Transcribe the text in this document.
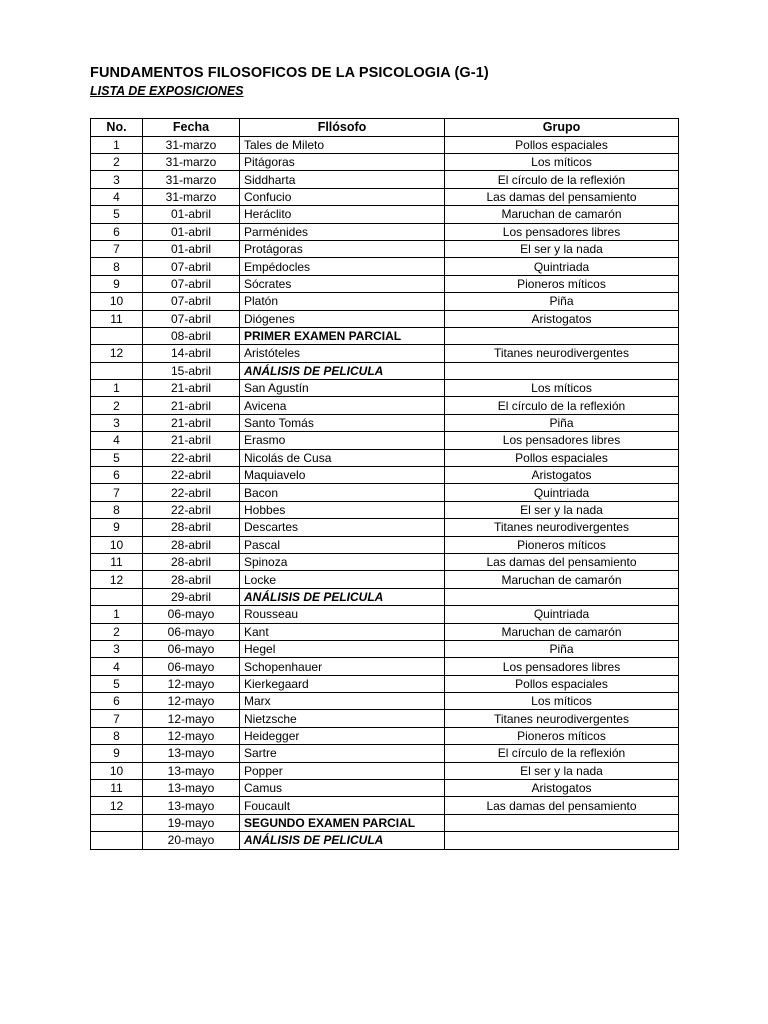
FUNDAMENTOS FILOSOFICOS DE LA PSICOLOGIA (G-1)
LISTA DE EXPOSICIONES
No.	Fecha	Fllósofo	Grupo
1	31-marzo	Tales de Mileto	Pollos espaciales
2	31-marzo	Pitágoras	Los míticos
3	31-marzo	Siddharta	El círculo de la reflexión
4	31-marzo	Confucio	Las damas del pensamiento
5	01-abril	Heráclito	Maruchan de camarón
6	01-abril	Parménides	Los pensadores libres
7	01-abril	Protágoras	El ser y la nada
8	07-abril	Empédocles	Quintriada
9	07-abril	Sócrates	Pioneros míticos
10	07-abril	Platón	Piña
11	07-abril	Diógenes	Aristogatos
	08-abril	PRIMER EXAMEN PARCIAL	
12	14-abril	Aristóteles	Titanes neurodivergentes
	15-abril	ANÁLISIS DE PELICULA	
1	21-abril	San Agustín	Los míticos
2	21-abril	Avicena	El círculo de la reflexión
3	21-abril	Santo Tomás	Piña
4	21-abril	Erasmo	Los pensadores libres
5	22-abril	Nicolás de Cusa	Pollos espaciales
6	22-abril	Maquiavelo	Aristogatos
7	22-abril	Bacon	Quintriada
8	22-abril	Hobbes	El ser y la nada
9	28-abril	Descartes	Titanes neurodivergentes
10	28-abril	Pascal	Pioneros míticos
11	28-abril	Spinoza	Las damas del pensamiento
12	28-abril	Locke	Maruchan de camarón
	29-abril	ANÁLISIS DE PELICULA	
1	06-mayo	Rousseau	Quintriada
2	06-mayo	Kant	Maruchan de camarón
3	06-mayo	Hegel	Piña
4	06-mayo	Schopenhauer	Los pensadores libres
5	12-mayo	Kierkegaard	Pollos espaciales
6	12-mayo	Marx	Los míticos
7	12-mayo	Nietzsche	Titanes neurodivergentes
8	12-mayo	Heidegger	Pioneros míticos
9	13-mayo	Sartre	El círculo de la reflexión
10	13-mayo	Popper	El ser y la nada
11	13-mayo	Camus	Aristogatos
12	13-mayo	Foucault	Las damas del pensamiento
	19-mayo	SEGUNDO EXAMEN PARCIAL	
	20-mayo	ANÁLISIS DE PELICULA	
